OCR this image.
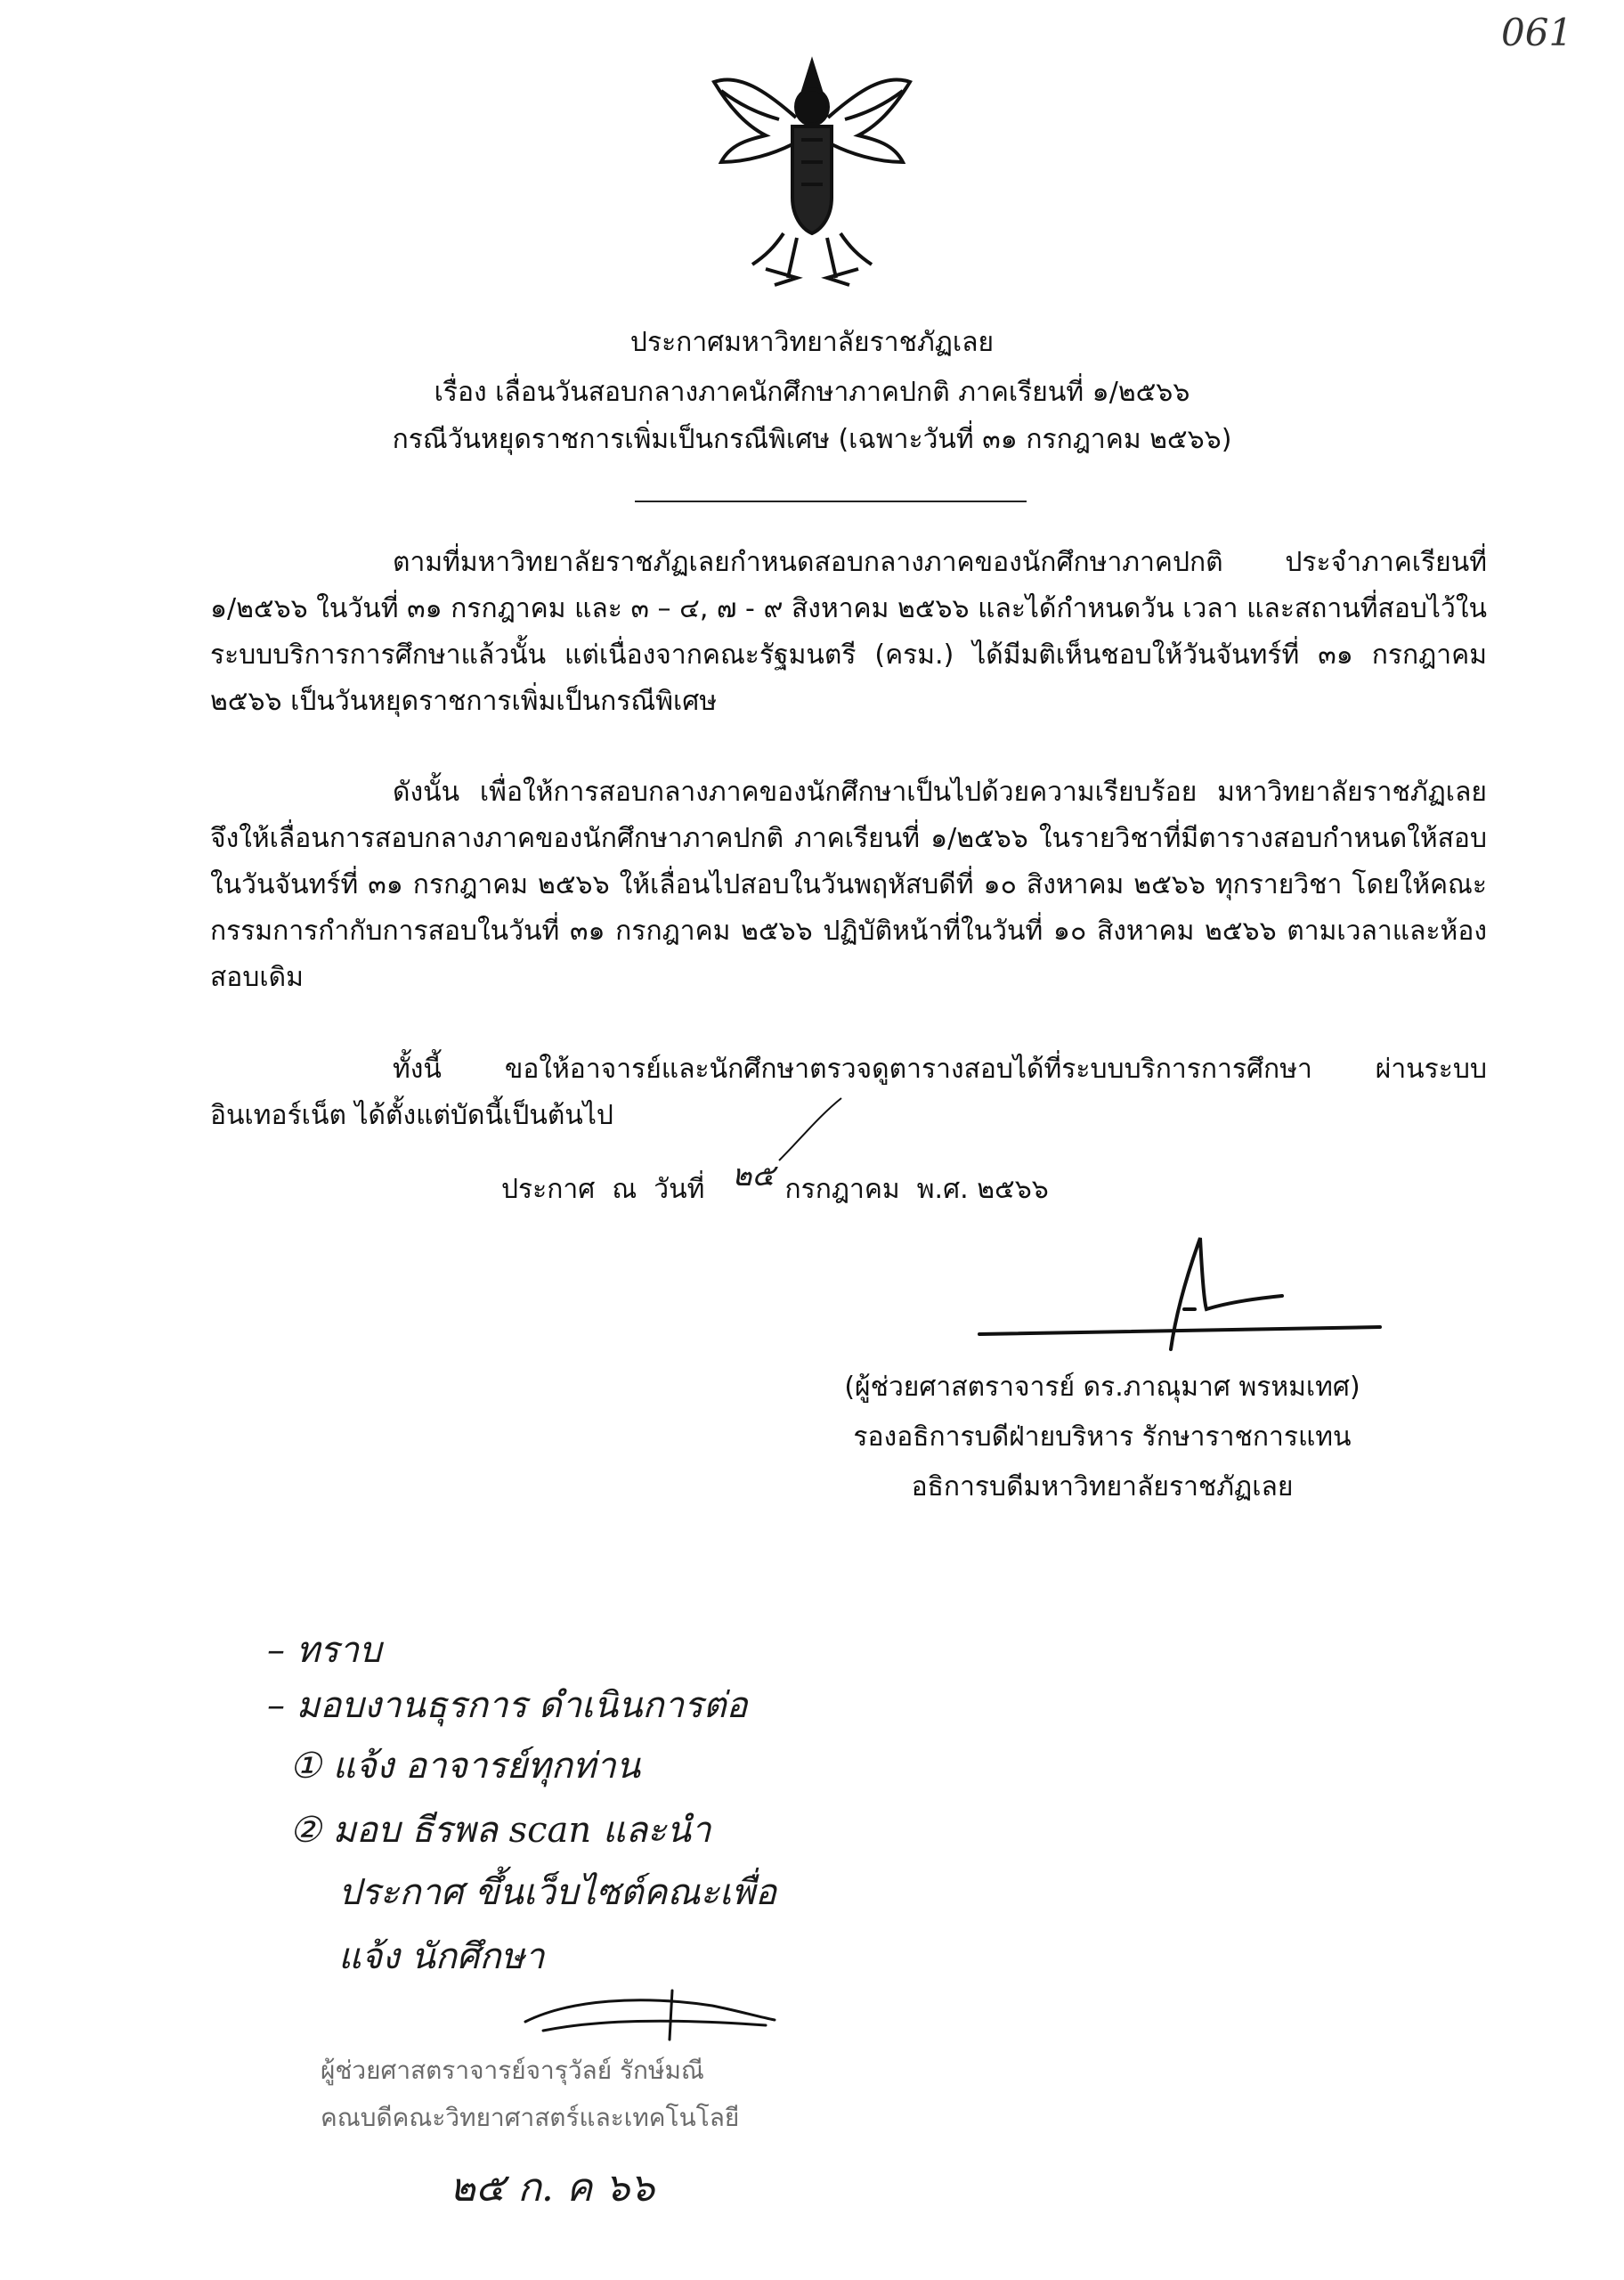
061
ประกาศมหาวิทยาลัยราชภัฏเลย
เรื่อง เลื่อนวันสอบกลางภาคนักศึกษาภาคปกติ ภาคเรียนที่ ๑/๒๕๖๖
กรณีวันหยุดราชการเพิ่มเป็นกรณีพิเศษ (เฉพาะวันที่ ๓๑ กรกฎาคม ๒๕๖๖)

ตามที่มหาวิทยาลัยราชภัฏเลยกำหนดสอบกลางภาคของนักศึกษาภาคปกติ ประจำภาคเรียนที่ ๑/๒๕๖๖ ในวันที่ ๓๑ กรกฎาคม และ ๓ – ๔, ๗ - ๙ สิงหาคม ๒๕๖๖ และได้กำหนดวัน เวลา และสถานที่สอบไว้ในระบบบริการการศึกษาแล้วนั้น แต่เนื่องจากคณะรัฐมนตรี (ครม.) ได้มีมติเห็นชอบให้วันจันทร์ที่ ๓๑ กรกฎาคม ๒๕๖๖ เป็นวันหยุดราชการเพิ่มเป็นกรณีพิเศษ

ดังนั้น เพื่อให้การสอบกลางภาคของนักศึกษาเป็นไปด้วยความเรียบร้อย มหาวิทยาลัยราชภัฏเลย จึงให้เลื่อนการสอบกลางภาคของนักศึกษาภาคปกติ ภาคเรียนที่ ๑/๒๕๖๖ ในรายวิชาที่มีตารางสอบกำหนดให้สอบในวันจันทร์ที่ ๓๑ กรกฎาคม ๒๕๖๖ ให้เลื่อนไปสอบในวันพฤหัสบดีที่ ๑๐ สิงหาคม ๒๕๖๖ ทุกรายวิชา โดยให้คณะกรรมการกำกับการสอบในวันที่ ๓๑ กรกฎาคม ๒๕๖๖ ปฏิบัติหน้าที่ในวันที่ ๑๐ สิงหาคม ๒๕๖๖ ตามเวลาและห้องสอบเดิม

ทั้งนี้ ขอให้อาจารย์และนักศึกษาตรวจดูตารางสอบได้ที่ระบบบริการการศึกษา ผ่านระบบอินเทอร์เน็ต ได้ตั้งแต่บัดนี้เป็นต้นไป

ประกาศ  ณ  วันที่	กรกฎาคม  พ.ศ. ๒๕๖๖
๒๕
(ผู้ช่วยศาสตราจารย์ ดร.ภาณุมาศ พรหมเทศ)
รองอธิการบดีฝ่ายบริหาร รักษาราชการแทน
อธิการบดีมหาวิทยาลัยราชภัฏเลย
– ทราบ
– มอบงานธุรการ ดำเนินการต่อ
① แจ้ง อาจารย์ทุกท่าน
② มอบ ธีรพล scan และนำ
ประกาศ ขึ้นเว็บไซต์คณะเพื่อ
แจ้ง นักศึกษา
ผู้ช่วยศาสตราจารย์จารุวัลย์ รักษ์มณี
คณบดีคณะวิทยาศาสตร์และเทคโนโลยี
๒๕ ก. ค ๖๖
